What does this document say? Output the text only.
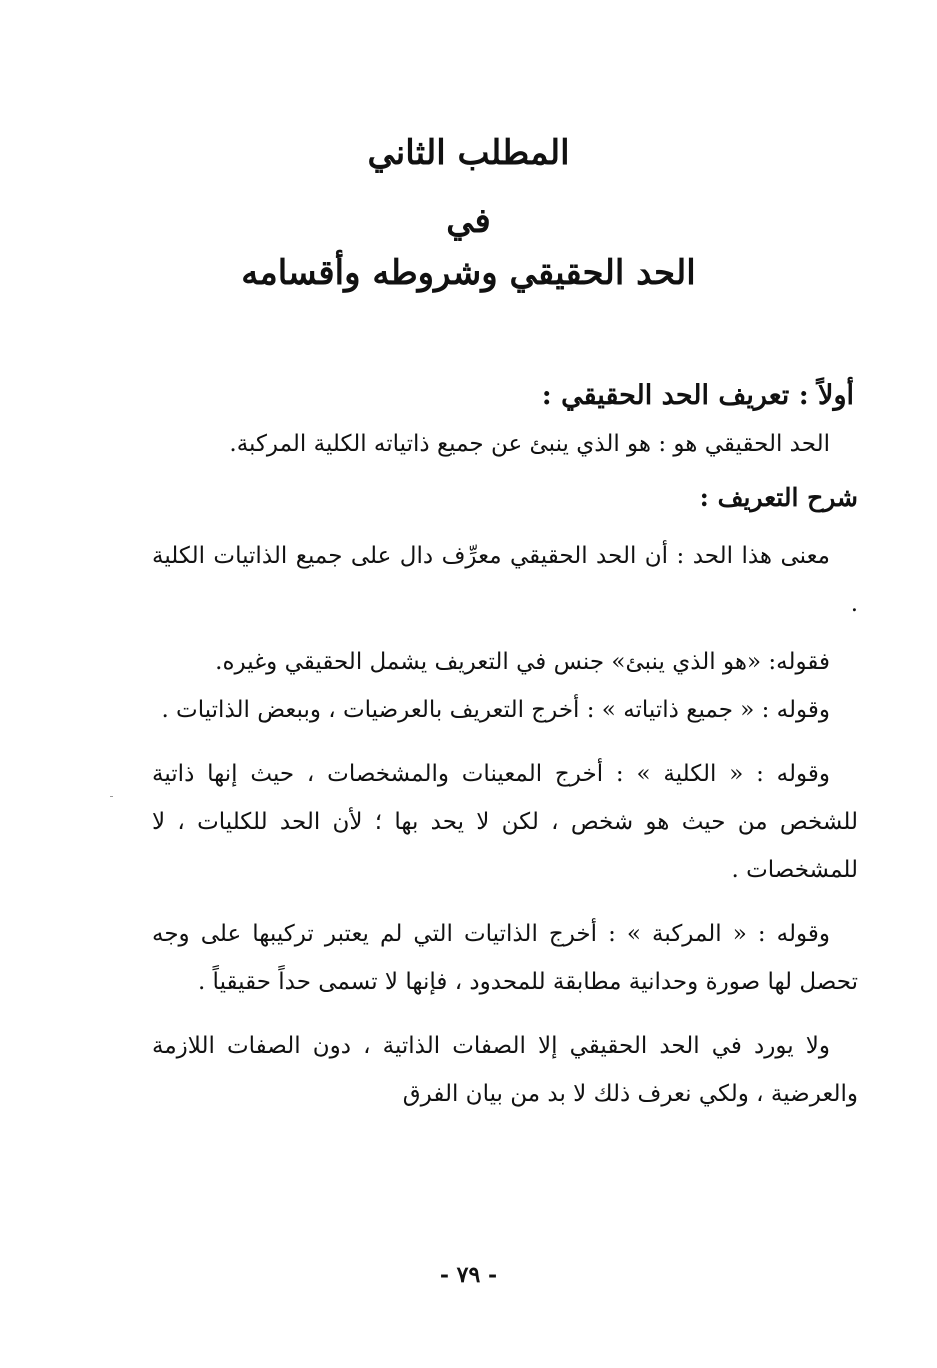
المطلب الثاني
في
الحد الحقيقي وشروطه وأقسامه

أولاً : تعريف الحد الحقيقي :

الحد الحقيقي هو : هو الذي ينبئ عن جميع ذاتياته الكلية المركبة.

شرح التعريف :

معنى هذا الحد : أن الحد الحقيقي معرِّف دال على جميع الذاتيات الكلية .

فقوله: «هو الذي ينبئ» جنس في التعريف يشمل الحقيقي وغيره.

وقوله : « جميع ذاتياته » : أخرج التعريف بالعرضيات ، وببعض الذاتيات .

وقوله : « الكلية » : أخرج المعينات والمشخصات ، حيث إنها ذاتية للشخص من حيث هو شخص ، لكن لا يحد بها ؛ لأن الحد للكليات ، لا للمشخصات .

وقوله : « المركبة » : أخرج الذاتيات التي لم يعتبر تركيبها على وجه تحصل لها صورة وحدانية مطابقة للمحدود ، فإنها لا تسمى حداً حقيقياً .

ولا يورد في الحد الحقيقي إلا الصفات الذاتية ، دون الصفات اللازمة والعرضية ، ولكي نعرف ذلك لا بد من بيان الفرق

- ٧٩ -
